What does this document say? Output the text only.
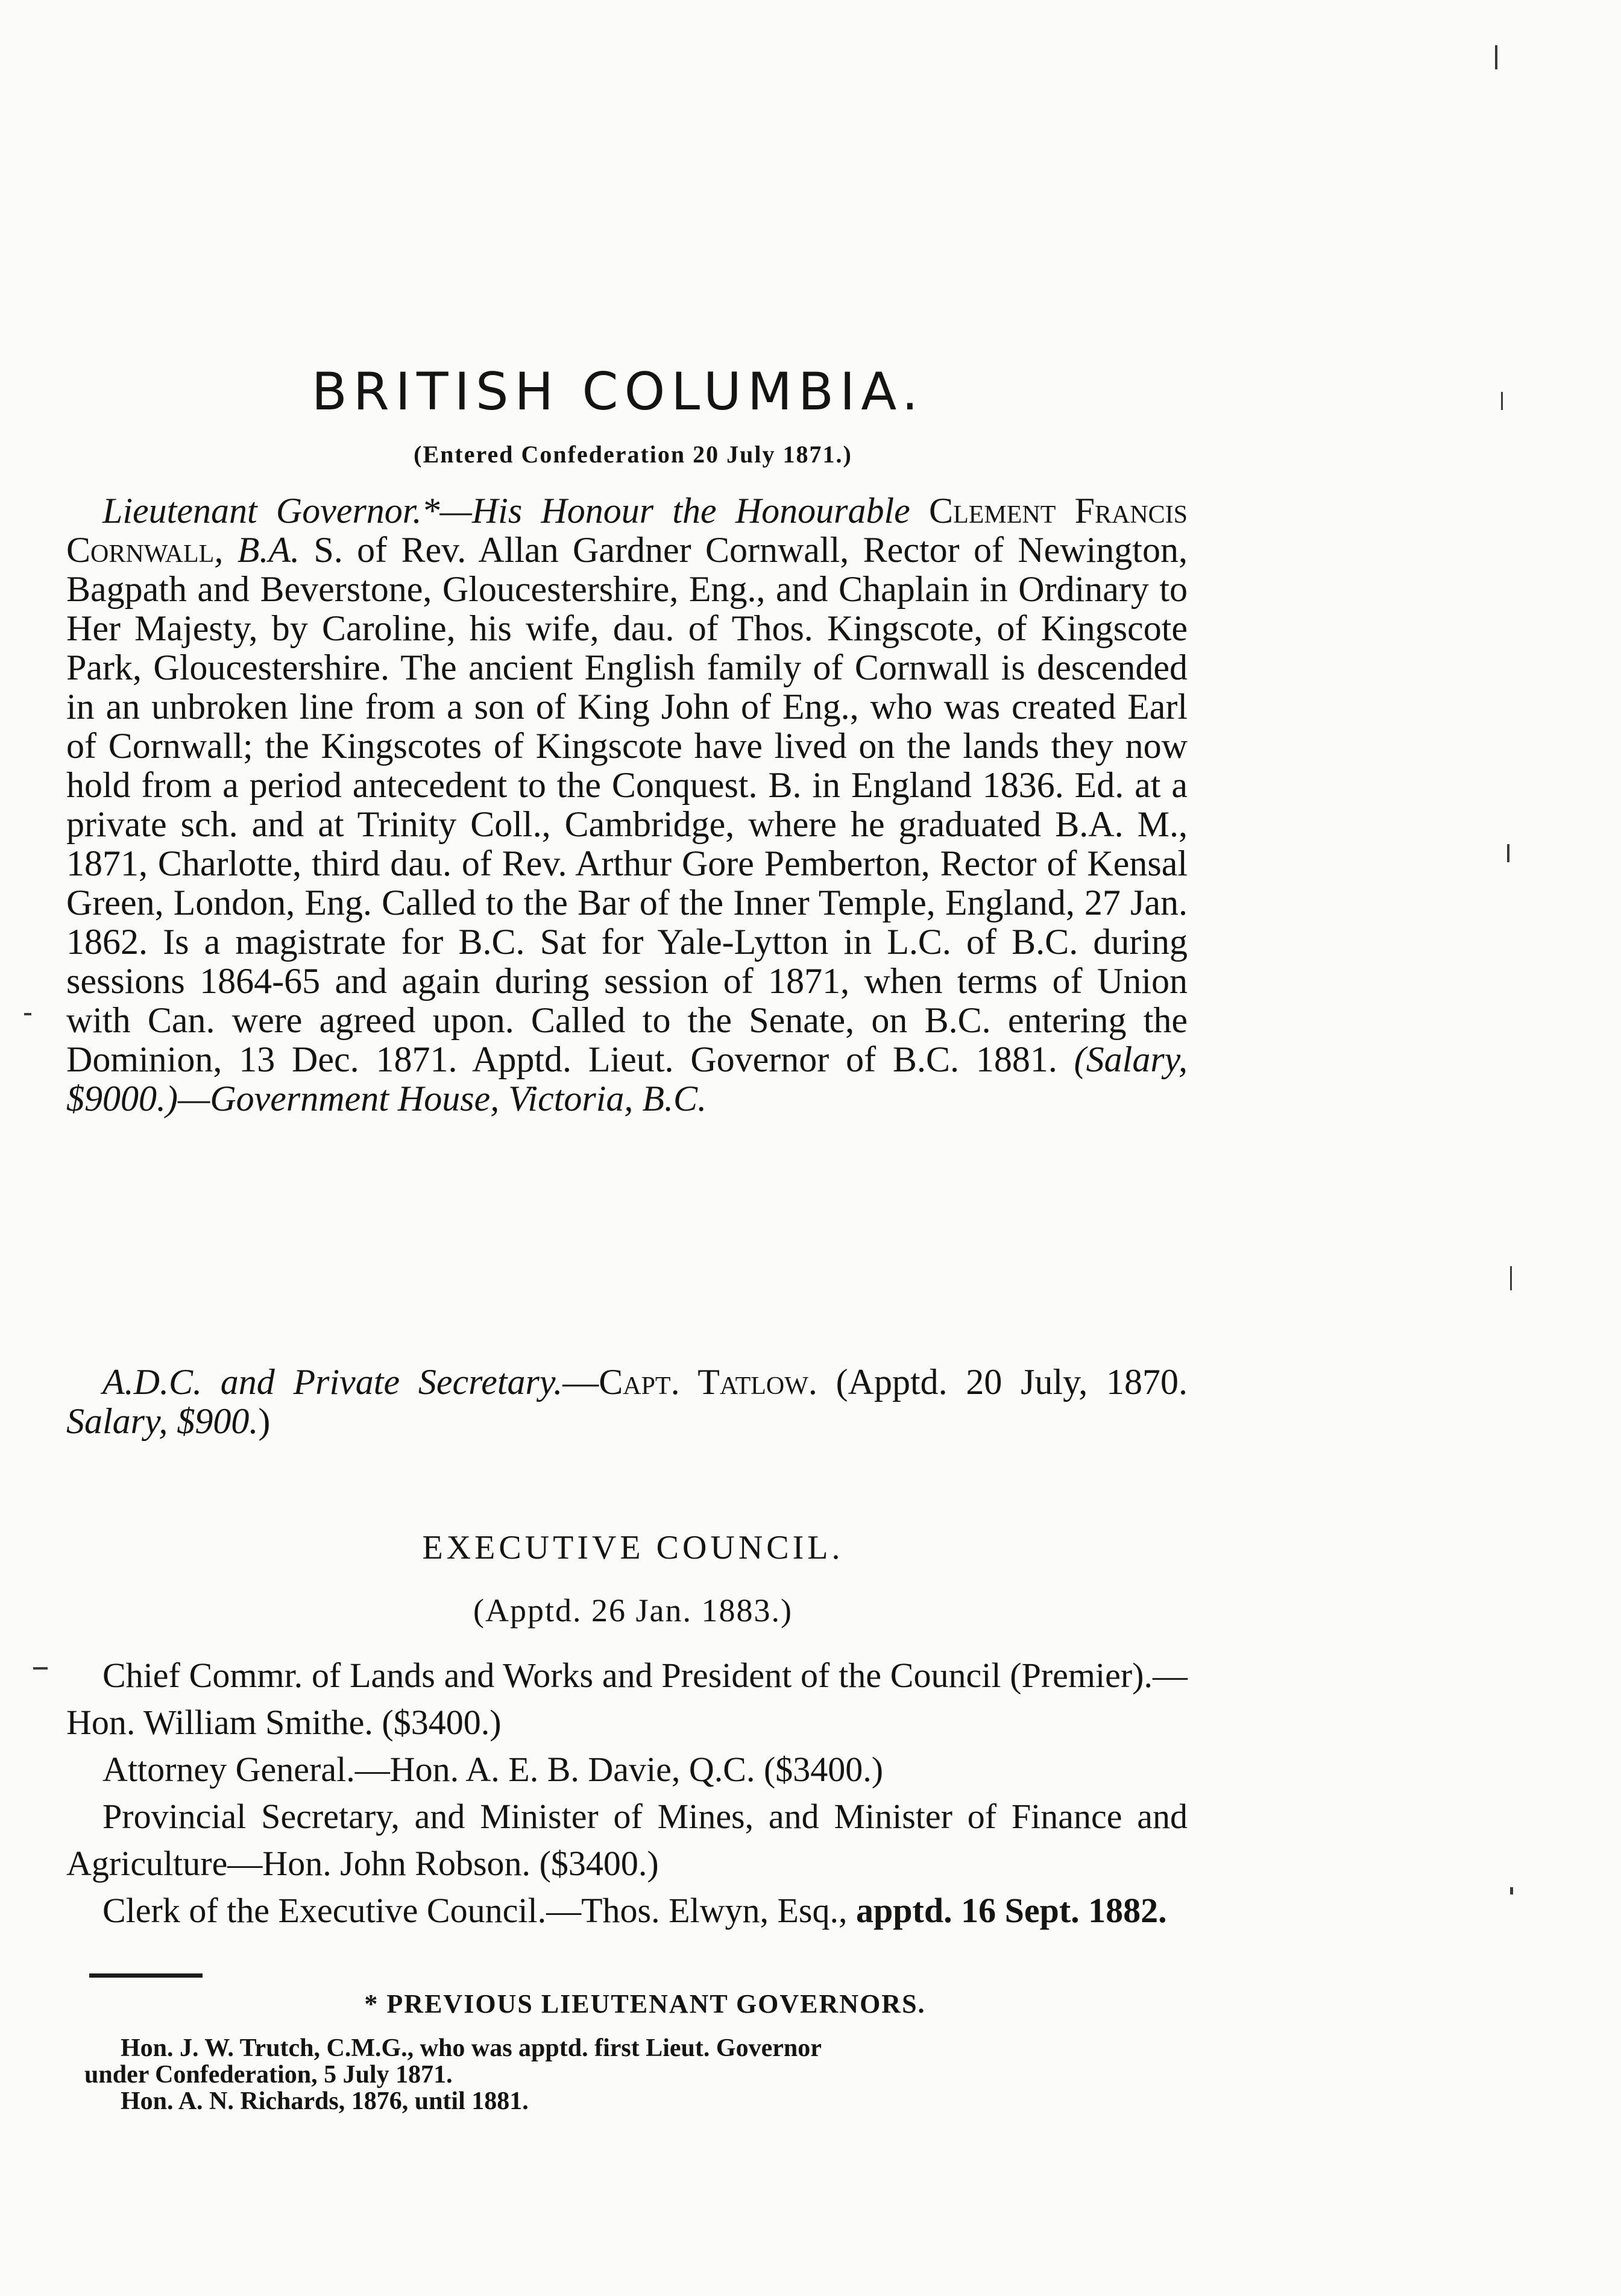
BRITISH COLUMBIA.
(Entered Confederation 20 July 1871.)

Lieutenant Governor.*—His Honour the Honourable Clement Francis Cornwall, B.A. S. of Rev. Allan Gardner Cornwall, Rector of Newington, Bagpath and Beverstone, Gloucestershire, Eng., and Chaplain in Ordinary to Her Majesty, by Caroline, his wife, dau. of Thos. Kingscote, of Kingscote Park, Gloucestershire. The ancient English family of Cornwall is descended in an unbroken line from a son of King John of Eng., who was created Earl of Cornwall; the Kingscotes of Kingscote have lived on the lands they now hold from a period antecedent to the Conquest. B. in England 1836. Ed. at a private sch. and at Trinity Coll., Cambridge, where he graduated B.A. M., 1871, Charlotte, third dau. of Rev. Arthur Gore Pemberton, Rector of Kensal Green, London, Eng. Called to the Bar of the Inner Temple, England, 27 Jan. 1862. Is a magistrate for B.C. Sat for Yale-Lytton in L.C. of B.C. during sessions 1864-65 and again during session of 1871, when terms of Union with Can. were agreed upon. Called to the Senate, on B.C. entering the Dominion, 13 Dec. 1871. Apptd. Lieut. Governor of B.C. 1881. (Salary, $9000.)—Government House, Victoria, B.C.

A.D.C. and Private Secretary.—Capt. Tatlow. (Apptd. 20 July, 1870. Salary, $900.)

EXECUTIVE COUNCIL.
(Apptd. 26 Jan. 1883.)

Chief Commr. of Lands and Works and President of the Council (Premier).—Hon. William Smithe. ($3400.)

Attorney General.—Hon. A. E. B. Davie, Q.C. ($3400.)

Provincial Secretary, and Minister of Mines, and Minister of Finance and Agriculture—Hon. John Robson. ($3400.)

Clerk of the Executive Council.—Thos. Elwyn, Esq., apptd. 16 Sept. 1882.

* PREVIOUS LIEUTENANT GOVERNORS.

Hon. J. W. Trutch, C.M.G., who was apptd. first Lieut. Governor

under Confederation, 5 July 1871.

Hon. A. N. Richards, 1876, until 1881.
